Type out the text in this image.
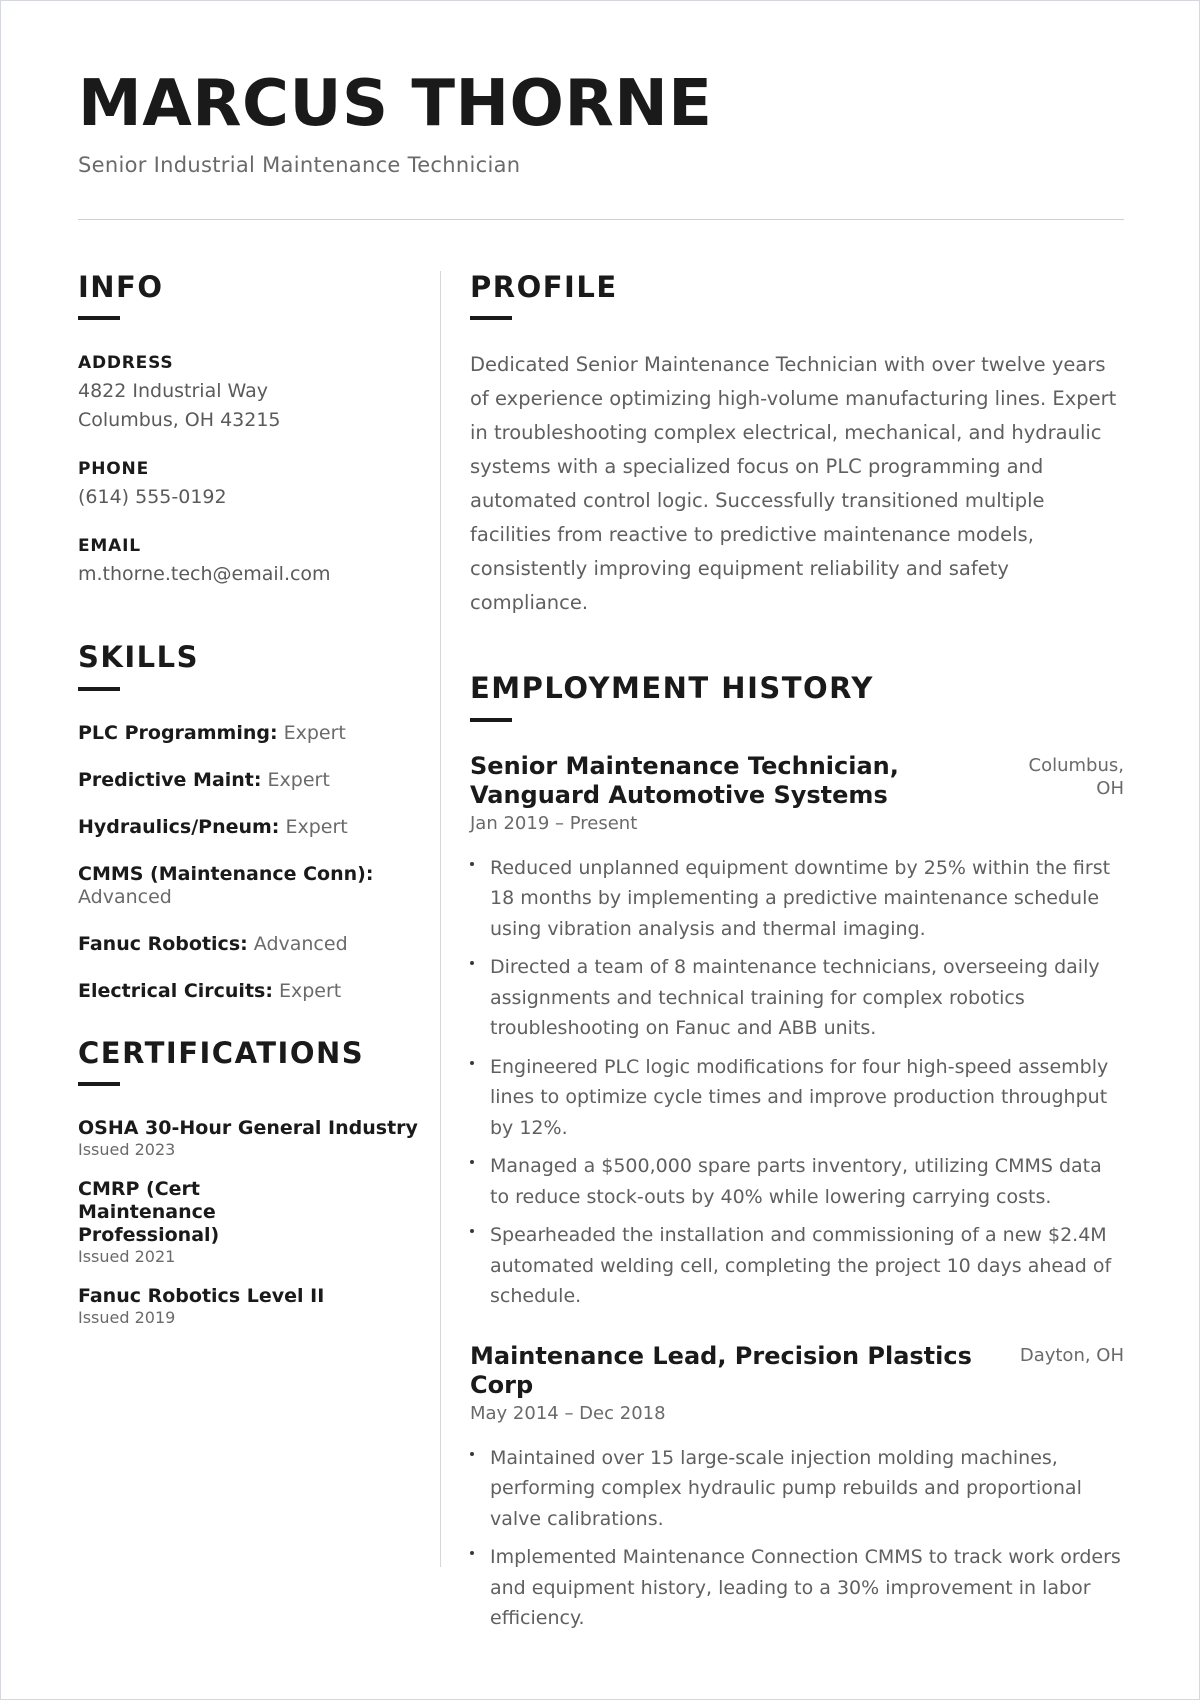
MARCUS THORNE
Senior Industrial Maintenance Technician
INFO
ADDRESS
4822 Industrial Way
Columbus, OH 43215
PHONE
(614) 555-0192
EMAIL
m.thorne.tech@email.com
SKILLS
PLC Programming: Expert
Predictive Maint: Expert
Hydraulics/Pneum: Expert
CMMS (Maintenance Conn):
Advanced
Fanuc Robotics: Advanced
Electrical Circuits: Expert
CERTIFICATIONS
OSHA 30-Hour General Industry
Issued 2023
CMRP (Cert Maintenance Professional)
Issued 2021
Fanuc Robotics Level II
Issued 2019
PROFILE
Dedicated Senior Maintenance Technician with over twelve years of experience optimizing high-volume manufacturing lines. Expert in troubleshooting complex electrical, mechanical, and hydraulic systems with a specialized focus on PLC programming and automated control logic. Successfully transitioned multiple facilities from reactive to predictive maintenance models, consistently improving equipment reliability and safety compliance.
EMPLOYMENT HISTORY
Senior Maintenance Technician, Vanguard Automotive Systems
Columbus, OH
Jan 2019 – Present
Reduced unplanned equipment downtime by 25% within the first 18 months by implementing a predictive maintenance schedule using vibration analysis and thermal imaging.
Directed a team of 8 maintenance technicians, overseeing daily assignments and technical training for complex robotics troubleshooting on Fanuc and ABB units.
Engineered PLC logic modifications for four high-speed assembly lines to optimize cycle times and improve production throughput by 12%.
Managed a $500,000 spare parts inventory, utilizing CMMS data to reduce stock-outs by 40% while lowering carrying costs.
Spearheaded the installation and commissioning of a new $2.4M automated welding cell, completing the project 10 days ahead of schedule.
Maintenance Lead, Precision Plastics Corp
Dayton, OH
May 2014 – Dec 2018
Maintained over 15 large-scale injection molding machines, performing complex hydraulic pump rebuilds and proportional valve calibrations.
Implemented Maintenance Connection CMMS to track work orders and equipment history, leading to a 30% improvement in labor efficiency.
